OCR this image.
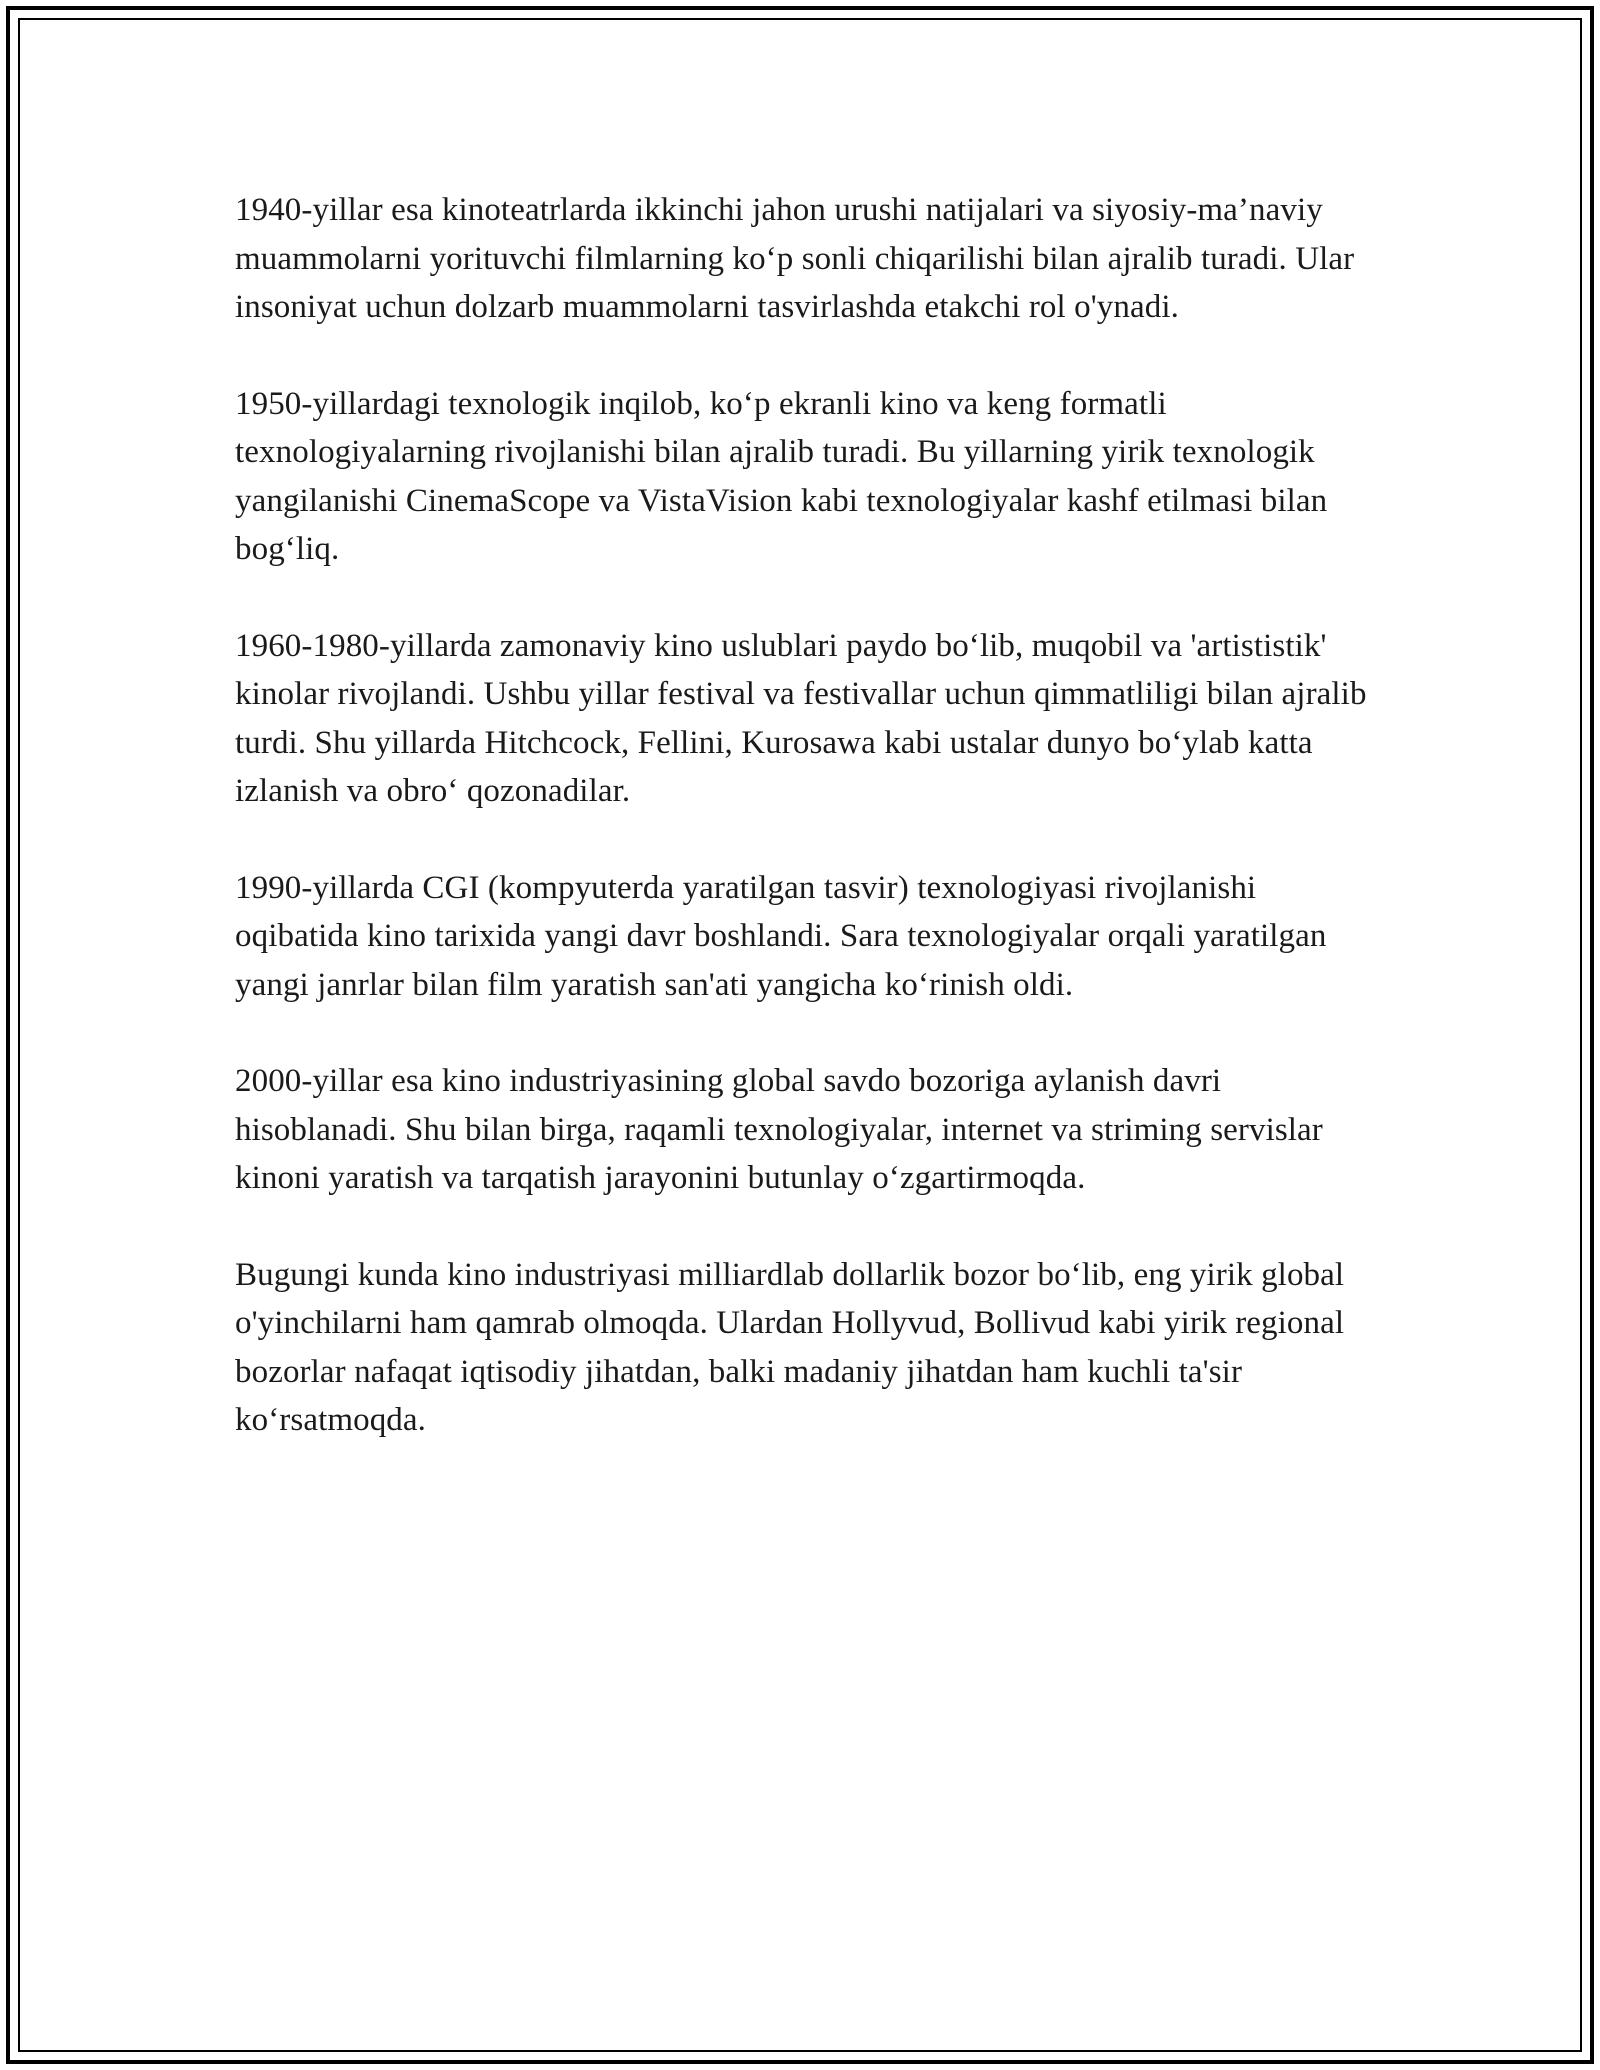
1940-yillar esa kinoteatrlarda ikkinchi jahon urushi natijalari va siyosiy-ma’naviy muammolarni yorituvchi filmlarning ko‘p sonli chiqarilishi bilan ajralib turadi. Ular insoniyat uchun dolzarb muammolarni tasvirlashda etakchi rol o'ynadi.

1950-yillardagi texnologik inqilob, ko‘p ekranli kino va keng formatli texnologiyalarning rivojlanishi bilan ajralib turadi. Bu yillarning yirik texnologik yangilanishi CinemaScope va VistaVision kabi texnologiyalar kashf etilmasi bilan bog‘liq.

1960-1980-yillarda zamonaviy kino uslublari paydo bo‘lib, muqobil va 'artististik' kinolar rivojlandi. Ushbu yillar festival va festivallar uchun qimmatliligi bilan ajralib turdi. Shu yillarda Hitchcock, Fellini, Kurosawa kabi ustalar dunyo bo‘ylab katta izlanish va obro‘ qozonadilar.

1990-yillarda CGI (kompyuterda yaratilgan tasvir) texnologiyasi rivojlanishi oqibatida kino tarixida yangi davr boshlandi. Sara texnologiyalar orqali yaratilgan yangi janrlar bilan film yaratish san'ati yangicha ko‘rinish oldi.

2000-yillar esa kino industriyasining global savdo bozoriga aylanish davri hisoblanadi. Shu bilan birga, raqamli texnologiyalar, internet va striming servislar kinoni yaratish va tarqatish jarayonini butunlay o‘zgartirmoqda.

Bugungi kunda kino industriyasi milliardlab dollarlik bozor bo‘lib, eng yirik global o'yinchilarni ham qamrab olmoqda. Ulardan Hollyvud, Bollivud kabi yirik regional bozorlar nafaqat iqtisodiy jihatdan, balki madaniy jihatdan ham kuchli ta'sir ko‘rsatmoqda.
